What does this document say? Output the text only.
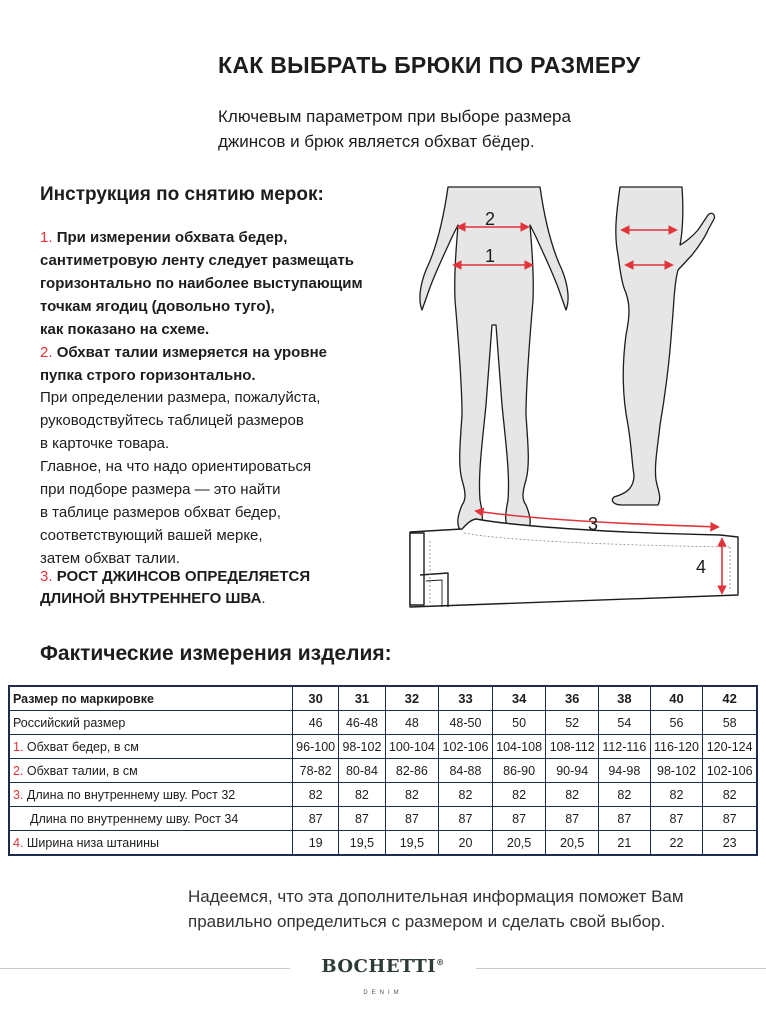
КАК ВЫБРАТЬ БРЮКИ ПО РАЗМЕРУ
Ключевым параметром при выборе размера
джинсов и брюк является обхват бёдер.
Инструкция по снятию мерок:
1. При измерении обхвата бедер,
сантиметровую ленту следует размещать
горизонтально по наиболее выступающим
точкам ягодиц (довольно туго),
как показано на схеме.
2. Обхват талии измеряется на уровне
пупка строго горизонтально.
При определении размера, пожалуйста,
руководствуйтесь таблицей размеров
в карточке товара.
Главное, на что надо ориентироваться
при подборе размера — это найти
в таблице размеров обхват бедер,
соответствующий вашей мерке,
затем обхват талии.
3. РОСТ ДЖИНСОВ ОПРЕДЕЛЯЕТСЯ
ДЛИНОЙ ВНУТРЕННЕГО ШВА.
2
1
3
4
Фактические измерения изделия:
Размер по маркировке	30	31	32	33	34	36	38	40	42
Российский размер	46	46-48	48	48-50	50	52	54	56	58
1. Обхват бедер, в см	96-100	98-102	100-104	102-106	104-108	108-112	112-116	116-120	120-124
2. Обхват талии, в см	78-82	80-84	82-86	84-88	86-90	90-94	94-98	98-102	102-106
3. Длина по внутреннему шву. Рост 32	82	82	82	82	82	82	82	82	82
Длина по внутреннему шву. Рост 34	87	87	87	87	87	87	87	87	87
4. Ширина низа штанины	19	19,5	19,5	20	20,5	20,5	21	22	23
Надеемся, что эта дополнительная информация поможет Вам
правильно определиться с размером и сделать свой выбор.
BOCHETTI®
DENIM
